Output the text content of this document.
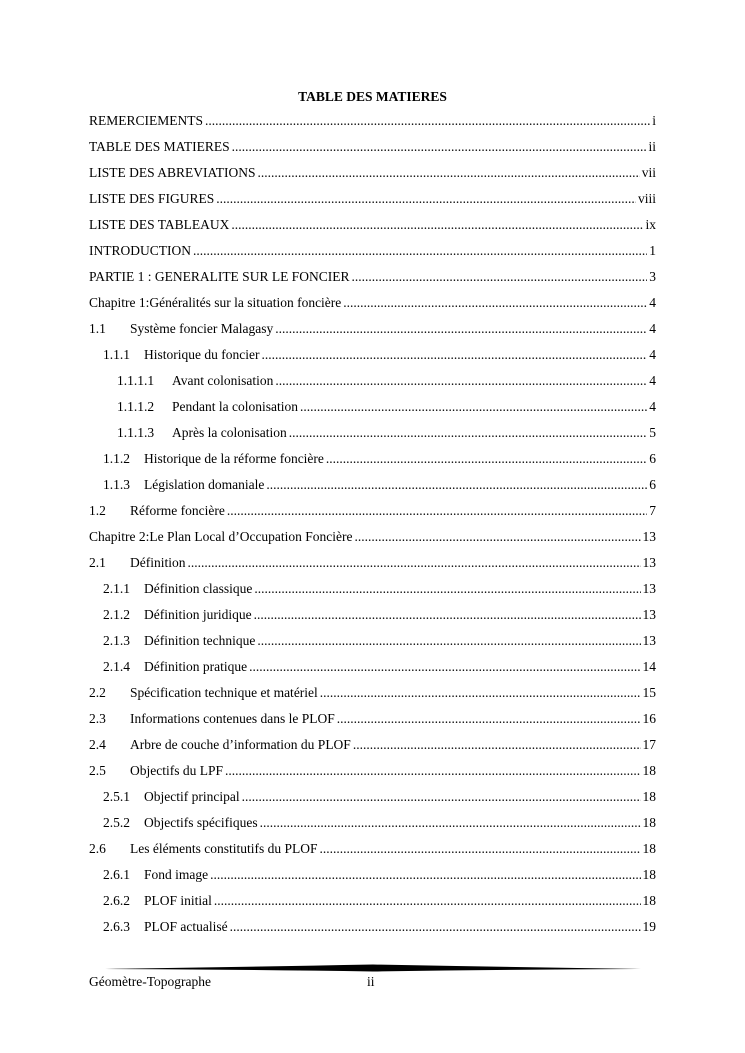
TABLE DES MATIERES
REMERCIEMENTS .....	i
TABLE DES MATIERES .....	ii
LISTE DES ABREVIATIONS .....	vii
LISTE DES FIGURES .....	viii
LISTE DES TABLEAUX .....	ix
INTRODUCTION .....	1
PARTIE 1 : GENERALITE SUR LE FONCIER .....	3
Chapitre 1:Généralités sur la situation foncière .....	4
1.1	Système foncier Malagasy .....	4
1.1.1	Historique du foncier .....	4
1.1.1.1	Avant colonisation .....	4
1.1.1.2	Pendant la colonisation .....	4
1.1.1.3	Après la colonisation .....	5
1.1.2	Historique de la réforme foncière .....	6
1.1.3	Législation domaniale .....	6
1.2	Réforme foncière .....	7
Chapitre 2:Le Plan Local d’Occupation Foncière .....	13
2.1	Définition .....	13
2.1.1	Définition classique .....	13
2.1.2	Définition juridique .....	13
2.1.3	Définition technique .....	13
2.1.4	Définition pratique .....	14
2.2	Spécification technique et matériel .....	15
2.3	Informations contenues dans le PLOF .....	16
2.4	Arbre de couche d’information du PLOF .....	17
2.5	Objectifs du LPF .....	18
2.5.1	Objectif principal .....	18
2.5.2	Objectifs spécifiques .....	18
2.6	Les éléments constitutifs du PLOF .....	18
2.6.1	Fond image .....	18
2.6.2	PLOF initial .....	18
2.6.3	PLOF actualisé .....	19
Géomètre-Topographe	ii
